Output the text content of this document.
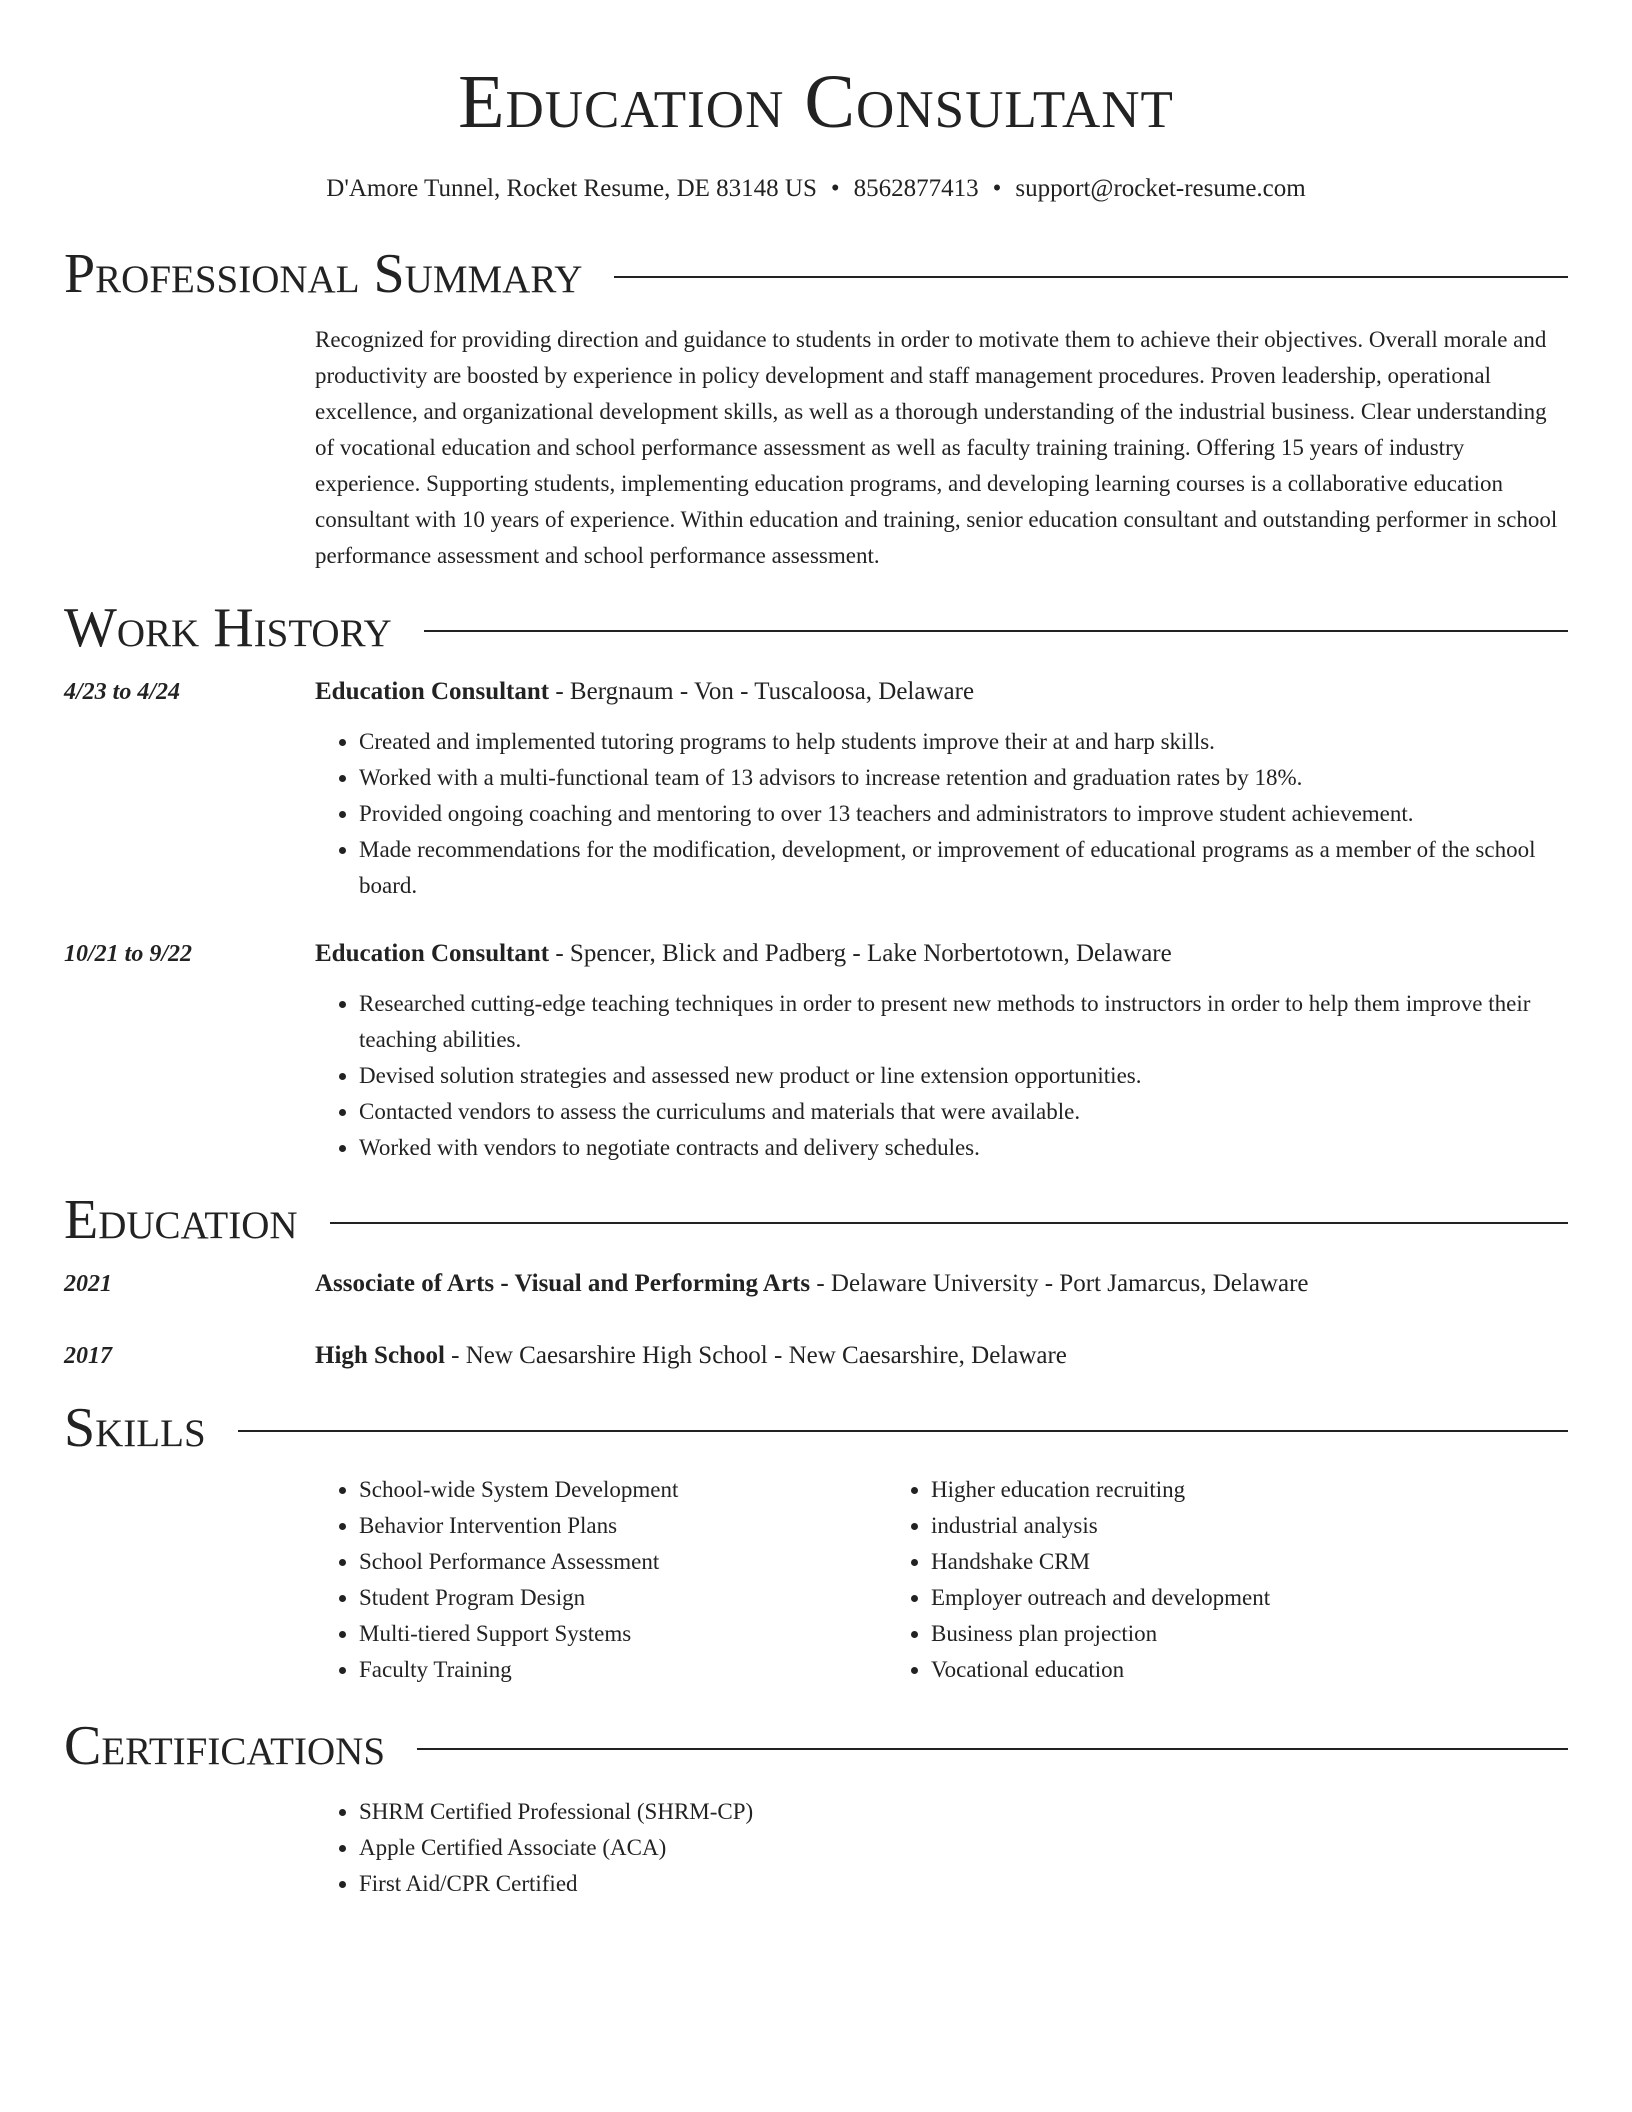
Education Consultant
D'Amore Tunnel, Rocket Resume, DE 83148 US • 8562877413 • support@rocket-resume.com
Professional Summary
Recognized for providing direction and guidance to students in order to motivate them to achieve their objectives. Overall morale and productivity are boosted by experience in policy development and staff management procedures. Proven leadership, operational excellence, and organizational development skills, as well as a thorough understanding of the industrial business. Clear understanding of vocational education and school performance assessment as well as faculty training training. Offering 15 years of industry experience. Supporting students, implementing education programs, and developing learning courses is a collaborative education consultant with 10 years of experience. Within education and training, senior education consultant and outstanding performer in school performance assessment and school performance assessment.
Work History
4/23 to 4/24	Education Consultant - Bergnaum - Von - Tuscaloosa, Delaware
• Created and implemented tutoring programs to help students improve their at and harp skills.
• Worked with a multi-functional team of 13 advisors to increase retention and graduation rates by 18%.
• Provided ongoing coaching and mentoring to over 13 teachers and administrators to improve student achievement.
• Made recommendations for the modification, development, or improvement of educational programs as a member of the school board.
10/21 to 9/22	Education Consultant - Spencer, Blick and Padberg - Lake Norbertotown, Delaware
• Researched cutting-edge teaching techniques in order to present new methods to instructors in order to help them improve their teaching abilities.
• Devised solution strategies and assessed new product or line extension opportunities.
• Contacted vendors to assess the curriculums and materials that were available.
• Worked with vendors to negotiate contracts and delivery schedules.
Education
2021	Associate of Arts - Visual and Performing Arts - Delaware University - Port Jamarcus, Delaware
2017	High School - New Caesarshire High School - New Caesarshire, Delaware
Skills
• School-wide System Development
• Behavior Intervention Plans
• School Performance Assessment
• Student Program Design
• Multi-tiered Support Systems
• Faculty Training
• Higher education recruiting
• industrial analysis
• Handshake CRM
• Employer outreach and development
• Business plan projection
• Vocational education
Certifications
• SHRM Certified Professional (SHRM-CP)
• Apple Certified Associate (ACA)
• First Aid/CPR Certified
